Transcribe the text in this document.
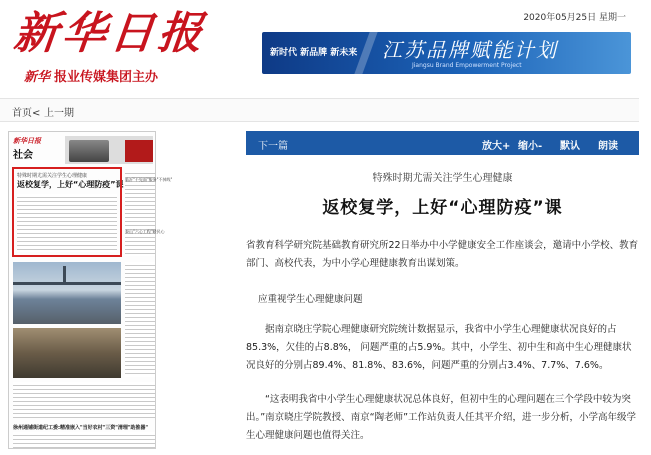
新华日报
新华 报业传媒集团主办
2020年05月25日 星期一
新时代 新品牌 新未来 江苏品牌赋能计划
Jiangsu Brand Empowerment Project
首页< 上一期
新华日报
社会
特殊时期尤需关注学生心理健康
返校复学，上好“心理防疫”课
临沂"不见面"服务"不掉线"
泰山"六心工程"暖民心
徐州通铺街道纪工委:精准嵌入"当好农村"三资"清理"助推器"
下一篇	放大+ 缩小- 默认 朗读
特殊时期尤需关注学生心理健康
返校复学，上好“心理防疫”课
省教育科学研究院基础教育研究所22日举办中小学健康安全工作座谈会，邀请中小学校、教育部门、高校代表，为中小学心理健康教育出谋划策。
应重视学生心理健康问题
据南京晓庄学院心理健康研究院统计数据显示，我省中小学生心理健康状况良好的占85.3%，欠佳的占8.8%， 问题严重的占5.9%。其中，小学生、初中生和高中生心理健康状况良好的分别占89.4%、81.8%、83.6%，问题严重的分别占3.4%、7.7%、7.6%。
“这表明我省中小学生心理健康状况总体良好，但初中生的心理问题在三个学段中较为突出。”南京晓庄学院教授、南京“陶老师”工作站负责人任其平介绍，进一步分析，小学高年级学生心理健康问题也值得关注。
